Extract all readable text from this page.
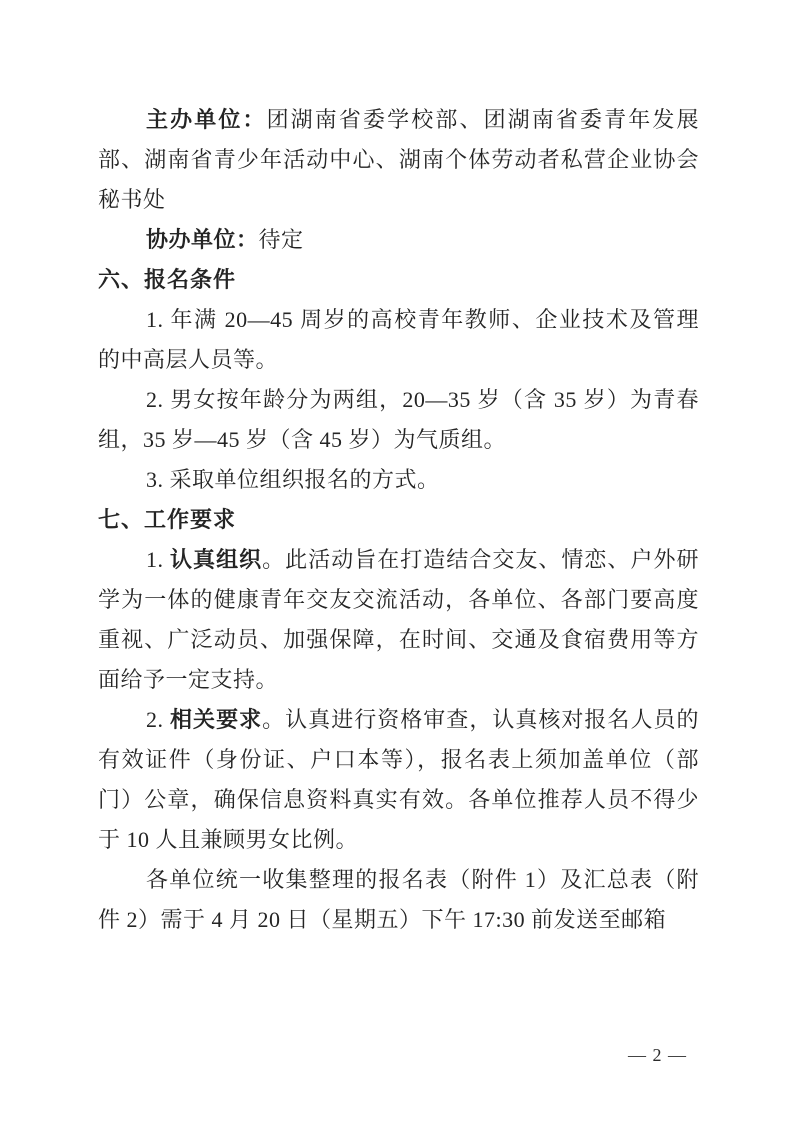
主办单位：团湖南省委学校部、团湖南省委青年发展部、湖南省青少年活动中心、湖南个体劳动者私营企业协会秘书处

协办单位：待定

六、报名条件

1. 年满 20—45 周岁的高校青年教师、企业技术及管理的中高层人员等。

2. 男女按年龄分为两组，20—35 岁（含 35 岁）为青春组，35 岁—45 岁（含 45 岁）为气质组。

3. 采取单位组织报名的方式。

七、工作要求

1. 认真组织。此活动旨在打造结合交友、情恋、户外研学为一体的健康青年交友交流活动，各单位、各部门要高度重视、广泛动员、加强保障，在时间、交通及食宿费用等方面给予一定支持。

2. 相关要求。认真进行资格审查，认真核对报名人员的有效证件（身份证、户口本等），报名表上须加盖单位（部门）公章，确保信息资料真实有效。各单位推荐人员不得少于 10 人且兼顾男女比例。

各单位统一收集整理的报名表（附件 1）及汇总表（附件 2）需于 4 月 20 日（星期五）下午 17:30 前发送至邮箱

— 2 —
